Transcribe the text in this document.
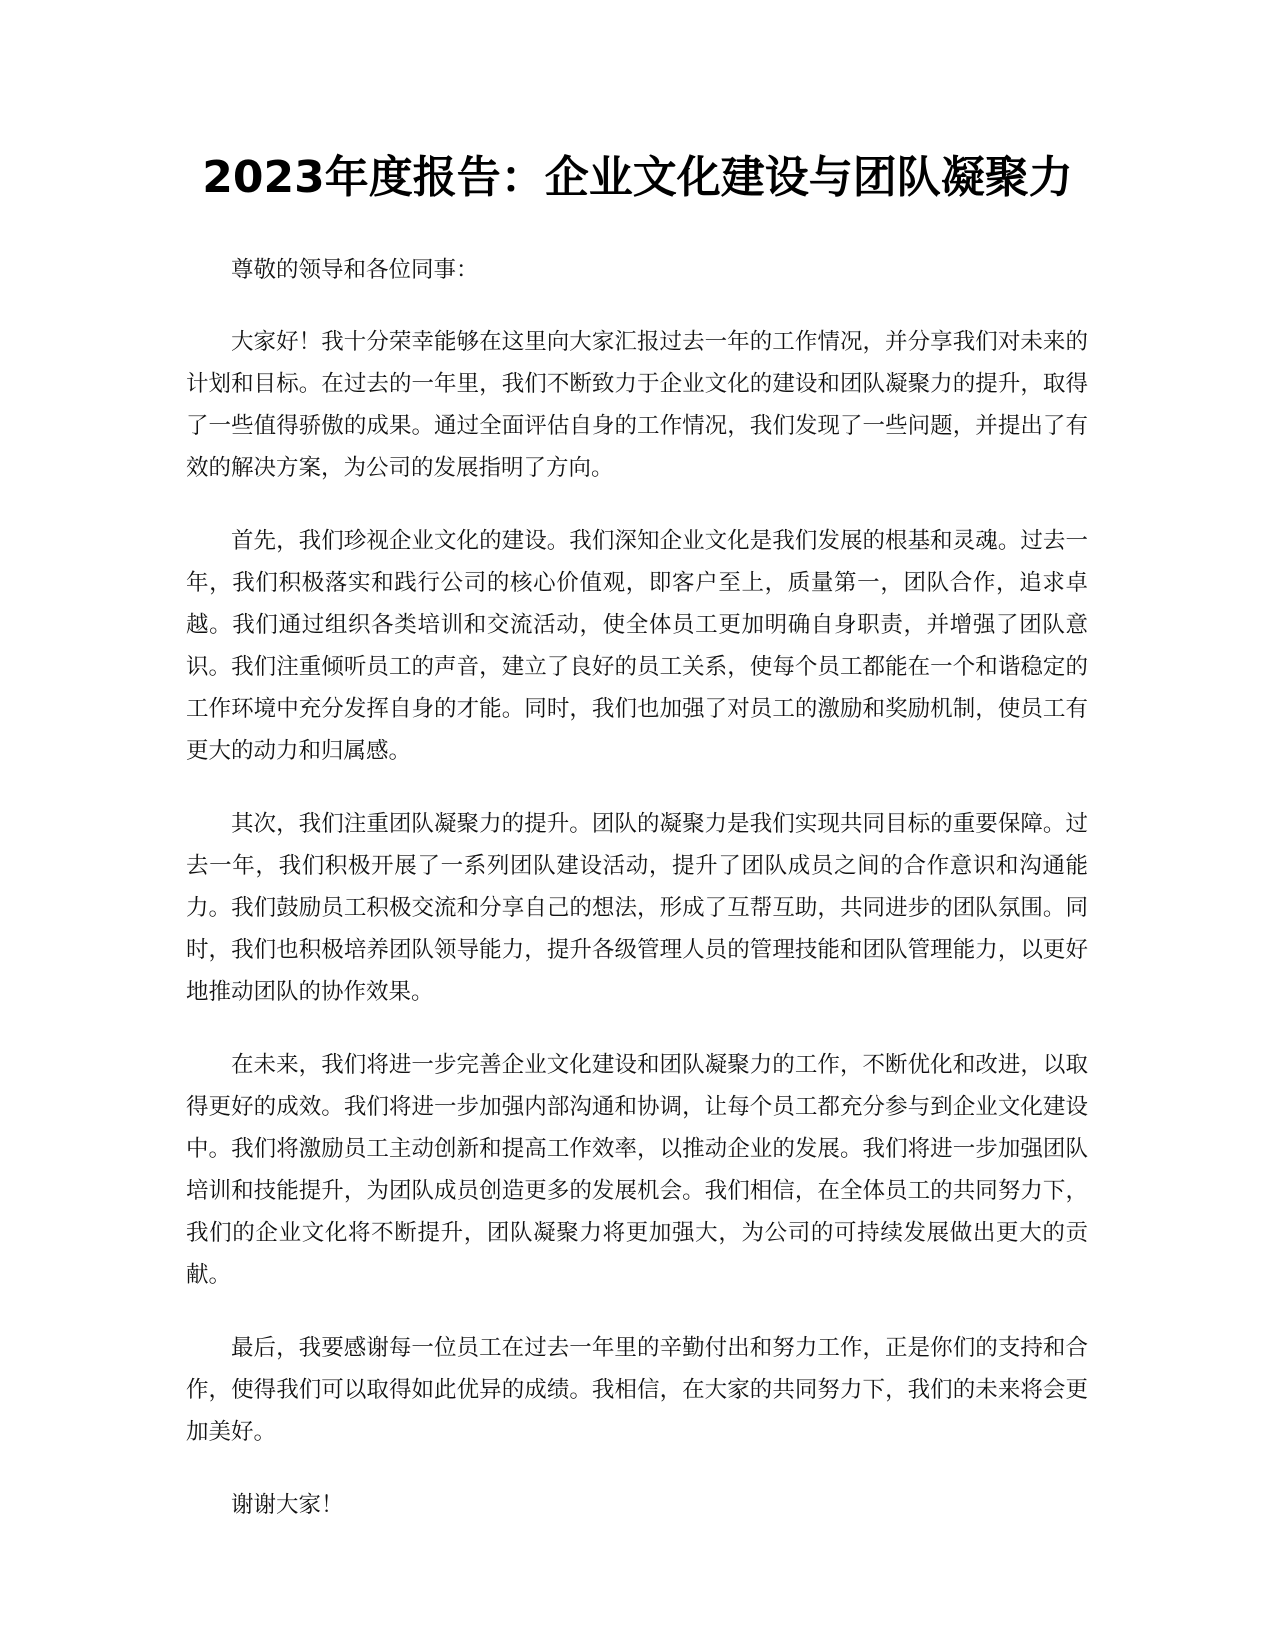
2023年度报告：企业文化建设与团队凝聚力

尊敬的领导和各位同事：

大家好！我十分荣幸能够在这里向大家汇报过去一年的工作情况，并分享我们对未来的计划和目标。在过去的一年里，我们不断致力于企业文化的建设和团队凝聚力的提升，取得了一些值得骄傲的成果。通过全面评估自身的工作情况，我们发现了一些问题，并提出了有效的解决方案，为公司的发展指明了方向。

首先，我们珍视企业文化的建设。我们深知企业文化是我们发展的根基和灵魂。过去一年，我们积极落实和践行公司的核心价值观，即客户至上，质量第一，团队合作，追求卓越。我们通过组织各类培训和交流活动，使全体员工更加明确自身职责，并增强了团队意识。我们注重倾听员工的声音，建立了良好的员工关系，使每个员工都能在一个和谐稳定的工作环境中充分发挥自身的才能。同时，我们也加强了对员工的激励和奖励机制，使员工有更大的动力和归属感。

其次，我们注重团队凝聚力的提升。团队的凝聚力是我们实现共同目标的重要保障。过去一年，我们积极开展了一系列团队建设活动，提升了团队成员之间的合作意识和沟通能力。我们鼓励员工积极交流和分享自己的想法，形成了互帮互助，共同进步的团队氛围。同时，我们也积极培养团队领导能力，提升各级管理人员的管理技能和团队管理能力，以更好地推动团队的协作效果。

在未来，我们将进一步完善企业文化建设和团队凝聚力的工作，不断优化和改进，以取得更好的成效。我们将进一步加强内部沟通和协调，让每个员工都充分参与到企业文化建设中。我们将激励员工主动创新和提高工作效率，以推动企业的发展。我们将进一步加强团队培训和技能提升，为团队成员创造更多的发展机会。我们相信，在全体员工的共同努力下，我们的企业文化将不断提升，团队凝聚力将更加强大，为公司的可持续发展做出更大的贡献。

最后，我要感谢每一位员工在过去一年里的辛勤付出和努力工作，正是你们的支持和合作，使得我们可以取得如此优异的成绩。我相信，在大家的共同努力下，我们的未来将会更加美好。

谢谢大家！
